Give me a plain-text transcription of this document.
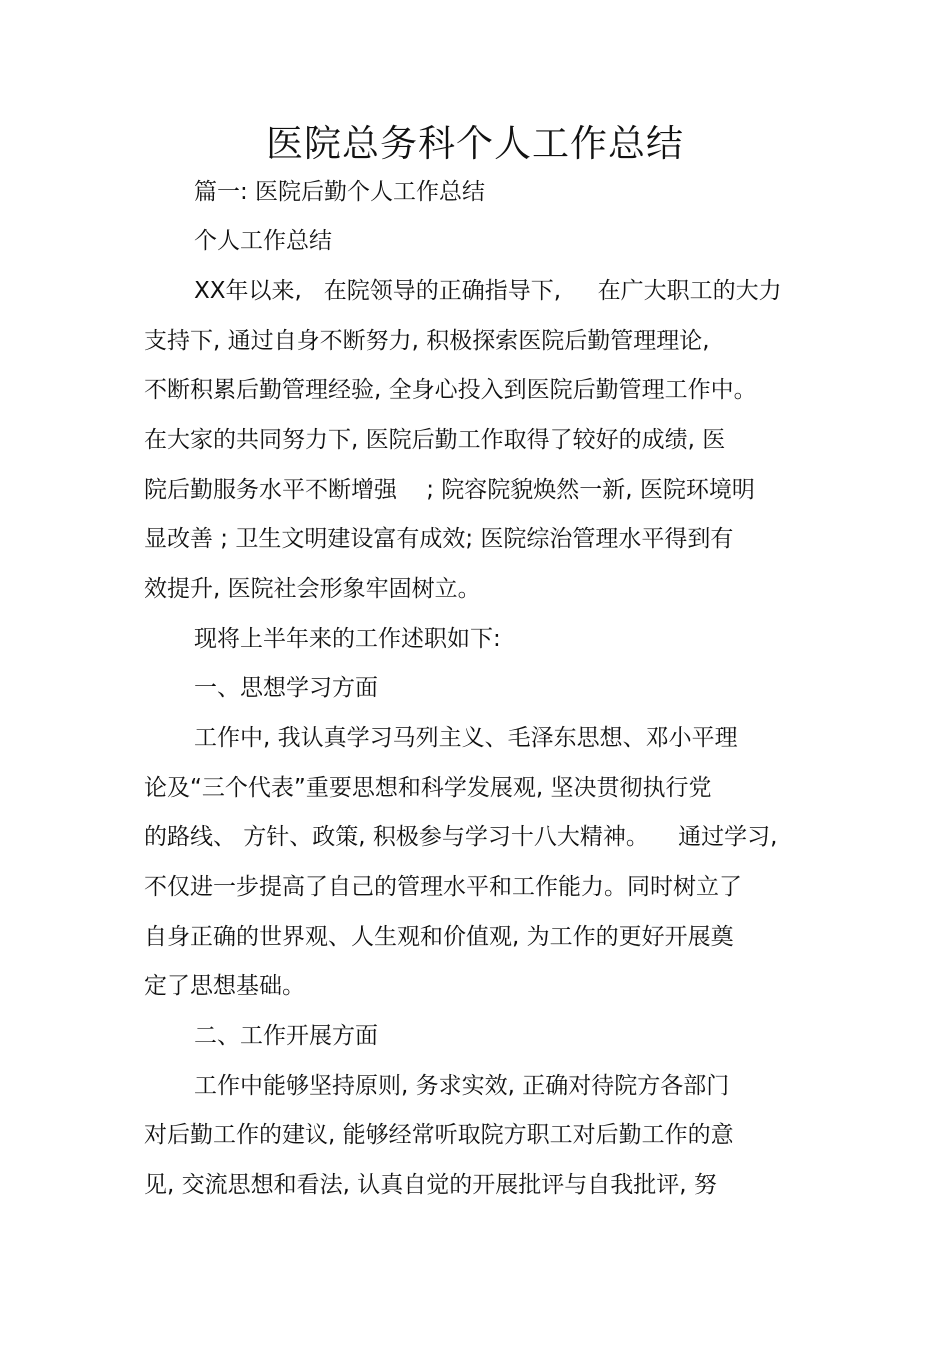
医院总务科个人工作总结

篇一: 医院后勤个人工作总结

个人工作总结

XX年以来,   在院领导的正确指导下,     在广大职工的大力

支持下, 通过自身不断努力, 积极探索医院后勤管理理论,

不断积累后勤管理经验, 全身心投入到医院后勤管理工作中。

在大家的共同努力下, 医院后勤工作取得了较好的成绩, 医

院后勤服务水平不断增强    ; 院容院貌焕然一新, 医院环境明

显改善 ; 卫生文明建设富有成效; 医院综治管理水平得到有

效提升, 医院社会形象牢固树立。

现将上半年来的工作述职如下:

一、思想学习方面

工作中, 我认真学习马列主义、毛泽东思想、邓小平理

论及“三个代表”重要思想和科学发展观, 坚决贯彻执行党

的路线、 方针、政策, 积极参与学习十八大精神。    通过学习,

不仅进一步提高了自己的管理水平和工作能力。同时树立了

自身正确的世界观、人生观和价值观, 为工作的更好开展奠

定了思想基础。

二、工作开展方面

工作中能够坚持原则, 务求实效, 正确对待院方各部门

对后勤工作的建议, 能够经常听取院方职工对后勤工作的意

见, 交流思想和看法, 认真自觉的开展批评与自我批评, 努
